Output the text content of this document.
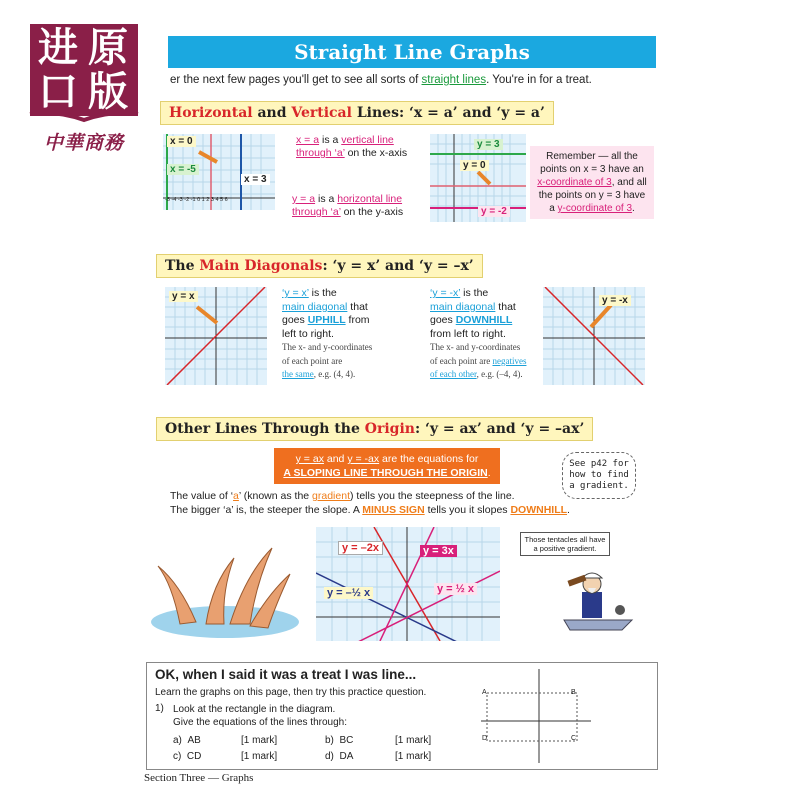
进 原
口 版
中華商務
Straight Line Graphs
er the next few pages you'll get to see all sorts of straight lines. You're in for a treat.
Horizontal and Vertical Lines: ‘x = a’ and ‘y = a’
x = 0
x = -5
x = 3
-5 -4 -3 -2 -1 0 1 2 3 4 5 6
x = a is a vertical line
through ‘a’ on the x-axis
y = a is a horizontal line
through ‘a’ on the y-axis
y = 3
y = 0
y = -2
Remember — all the
points on x = 3 have an
x-coordinate of 3, and all
the points on y = 3 have
a y-coordinate of 3.
The Main Diagonals: ‘y = x’ and ‘y = –x’
y = x	‘y = x’ is the
main diagonal that
goes UPHILL from
left to right.
The x- and y-coordinates
of each point are
the same, e.g. (4, 4).
‘y = -x’ is the
main diagonal that
goes DOWNHILL
from left to right.
The x- and y-coordinates
of each point are negatives
of each other, e.g. (–4, 4).
y = -x
Other Lines Through the Origin: ‘y = ax’ and ‘y = –ax’
y = ax and y = -ax are the equations for
A SLOPING LINE THROUGH THE ORIGIN.
See p42 for how to find a gradient.
The value of ‘a’ (known as the gradient) tells you the steepness of the line.
The bigger ‘a’ is, the steeper the slope. A MINUS SIGN tells you it slopes DOWNHILL.
y = –2x	y = 3x
y = –½ x	y = ½ x
Those tentacles all have a positive gradient.
OK, when I said it was a treat I was line...
Learn the graphs on this page, then try this practice question.
1) Look at the rectangle in the diagram.
Give the equations of the lines through:
a) AB	[1 mark]	b) BC	[1 mark]
c) CD	[1 mark]	d) DA	[1 mark]
A	B
C
D
Section Three — Graphs
